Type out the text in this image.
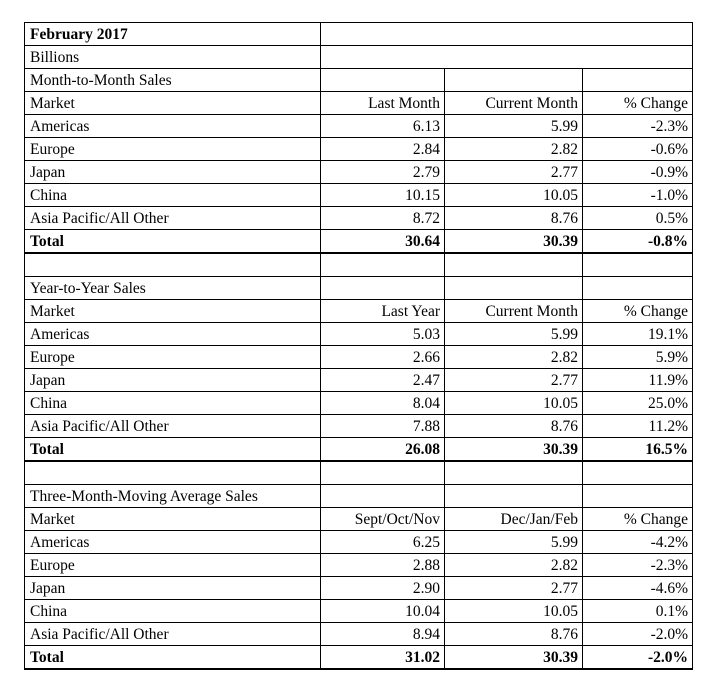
February 2017			
Billions			
Month-to-Month Sales			
Market	Last Month	Current Month	% Change
Americas	6.13	5.99	-2.3%
Europe	2.84	2.82	-0.6%
Japan	2.79	2.77	-0.9%
China	10.15	10.05	-1.0%
Asia Pacific/All Other	8.72	8.76	0.5%
Total	30.64	30.39	-0.8%

Year-to-Year Sales			
Market	Last Year	Current Month	% Change
Americas	5.03	5.99	19.1%
Europe	2.66	2.82	5.9%
Japan	2.47	2.77	11.9%
China	8.04	10.05	25.0%
Asia Pacific/All Other	7.88	8.76	11.2%
Total	26.08	30.39	16.5%

Three-Month-Moving Average Sales			
Market	Sept/Oct/Nov	Dec/Jan/Feb	% Change
Americas	6.25	5.99	-4.2%
Europe	2.88	2.82	-2.3%
Japan	2.90	2.77	-4.6%
China	10.04	10.05	0.1%
Asia Pacific/All Other	8.94	8.76	-2.0%
Total	31.02	30.39	-2.0%
